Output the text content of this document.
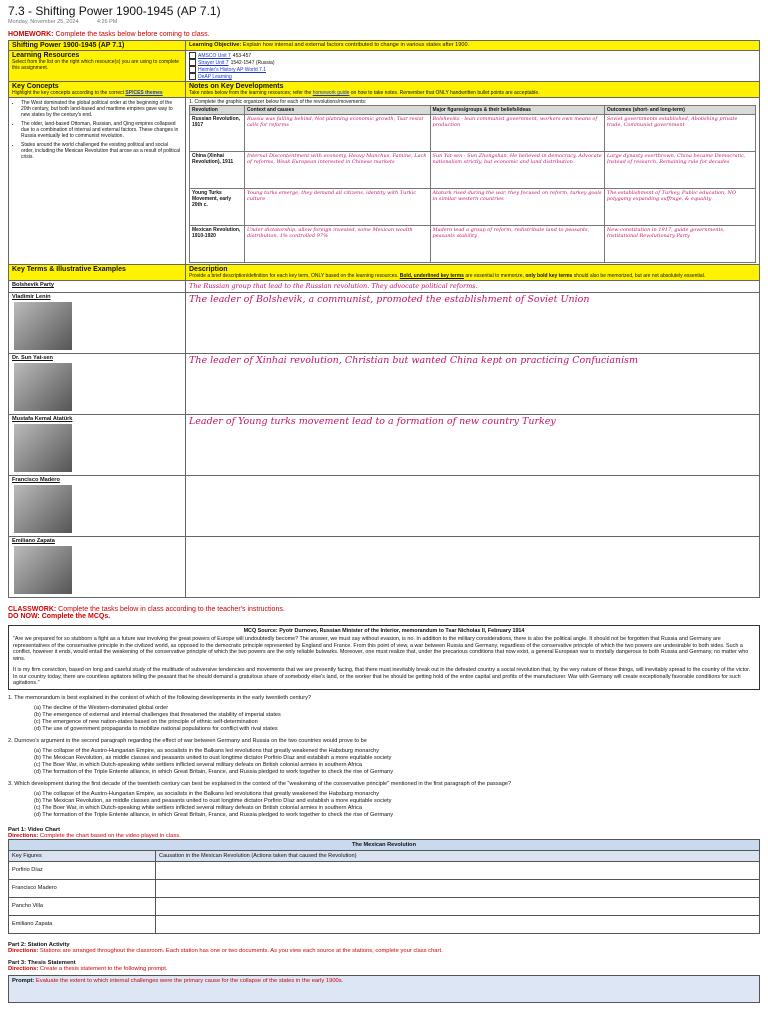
7.3 - Shifting Power 1900-1945 (AP 7.1)
Monday, November 25, 2024	4:26 PM
HOMEWORK: Complete the tasks below before coming to class.
Shifting Power 1900-1945 (AP 7.1)	Learning Objective: Explain how internal and external factors contributed to change in various states after 1900.

Learning Resources
Select from the list on the right which resource(s) you are using to complete this assignment.

AMSCO Unit 7 453-457
Strayer Unit 7 1542-1547 (Russia)
Heimler's History AP World 7.1
DeAP Learning

Key Concepts
Highlight the key concepts according to the correct SPICES themes

Notes on Key Developments
Take notes below from the learning resources; refer the homework guide on how to take notes. Remember that ONLY handwritten bullet points are acceptable.

• The West dominated the global political order at the beginning of the 20th century, but both land-based and maritime empires gave way to new states by the century's end.
• The older, land-based Ottoman, Russian, and Qing empires collapsed due to a combination of internal and external factors. These changes in Russia eventually led to communist revolution.
• States around the world challenged the existing political and social order, including the Mexican Revolution that arose as a result of political crisis.

1. Complete the graphic organizer below for each of the revolutions/movements:
Revolution	Context and causes	Major figures/groups & their beliefs/ideas	Outcomes (short- and long-term)
Russian Revolution, 1917	Russia was falling behind, Not planning economic growth, Tsar resist calls for reforms	Bolsheviks - lean communist government, workers own means of production	Soviet governments established, Abolishing private trade, Communist government
China (Xinhai Revolution), 1911	Internal Discontentment with economy, Heavy Manchus, Famine, Lack of reforms, Weak European interested in Chinese markets	Sun Yat-sen - Sun Zhongshan, He believed in democracy, Advocate nationalism strictly, but economic and land distribution	Large dynasty overthrown, China became Democratic, Instead of research, Remaining rule for decades
Young Turks Movement, early 20th c.	Young turks emerge, they demand all citizens, identity with Turkic culture	Ataturk rised during the war, they focused on reform, turkey goals in similar western countries	The establishment of Turkey, Public education, NO polygamy expanding suffrage, & equality
Mexican Revolution, 1910-1920	Under dictatorship, allow foreign invested, some Mexican wealth distribution, 1% controlled 97%	Madero lead a group of reform, redistribute land to peasants, peasants stability	New constitution in 1917, guide governments, Institutional Revolutionary Party

Key Terms & Illustrative Examples	Description
Provide a brief description/definition for each key term, ONLY based on the learning resources. Bold, underlined key terms are essential to memorize, only bold key terms should also be memorized, but are not absolutely essential.

Bolshevik Party	The Russian group that lead to the Russian revolution. They advocate political reforms.

Vladimir Lenin	The leader of Bolshevik, a communist, promoted the establishment of Soviet Union

Dr. Sun Yat-sen	The leader of Xinhai revolution, Christian but wanted China kept on practicing Confucianism

Mustafa Kemal Atatürk	Leader of Young turks movement lead to a formation of new country Turkey

Francisco Madero

Emiliano Zapata

CLASSWORK: Complete the tasks below in class according to the teacher's instructions.
DO NOW: Complete the MCQs.
MCQ Source: Pyotr Durnovo, Russian Minister of the Interior, memorandum to Tsar Nicholas II, February 1914
"Are we prepared for so stubborn a fight as a future war involving the great powers of Europe will undoubtedly become? The answer, we must say without evasion, is no. In addition to the military considerations, there is also the political angle. It should not be forgotten that Russia and Germany are representatives of the conservative principle in the civilized world, as opposed to the democratic principle represented by England and France. From this point of view, a war between Russia and Germany, regardless of the conservative principle of which the two powers are undesirable to both sides. Such a conflict, however it ends, would entail the weakening of the conservative principle of which the two powers are the only reliable bulwarks. Moreover, one must realize that, under the precarious conditions that now exist, a general European war is mortally dangerous to both Russia and Germany, no matter who wins.
It is my firm conviction, based on long and careful study of the multitude of subversive tendencies and movements that we are presently facing, that there must inevitably break out in the defeated country a social revolution that, by the very nature of these things, will inevitably spread to the country of the victor. In our country today, there are countless agitators telling the peasant that he should demand a gratuitous share of somebody else's land, or the worker that he should be getting hold of the entire capital and profits of the manufacturer. War with Germany will create exceptionally favorable conditions for such agitations."
1. The memorandum is best explained in the context of which of the following developments in the early twentieth century?
(a) The decline of the Western-dominated global order
(b) The emergence of external and internal challenges that threatened the stability of imperial states
(c) The emergence of new nation-states based on the principle of ethnic self-determination
(d) The use of government propaganda to mobilize national populations for conflict with rival states
2. Durnovo's argument in the second paragraph regarding the effect of war between Germany and Russia on the two countries would prove to be
(a) The collapse of the Austro-Hungarian Empire, as socialists in the Balkans led revolutions that greatly weakened the Habsburg monarchy
(b) The Mexican Revolution, as middle classes and peasants united to oust longtime dictator Porfirio Díaz and establish a more equitable society
(c) The Boer War, in which Dutch-speaking white settlers inflicted several military defeats on British colonial armies in southern Africa
(d) The formation of the Triple Entente alliance, in which Great Britain, France, and Russia pledged to work together to check the rise of Germany
3. Which development during the first decade of the twentieth century can best be explained in the context of the "weakening of the conservative principle" mentioned in the first paragraph of the passage?
(a) The collapse of the Austro-Hungarian Empire, as socialists in the Balkans led revolutions that greatly weakened the Habsburg monarchy
(b) The Mexican Revolution, as middle classes and peasants united to oust longtime dictator Porfirio Díaz and establish a more equitable society
(c) The Boer War, in which Dutch-speaking white settlers inflicted several military defeats on British colonial armies in southern Africa
(d) The formation of the Triple Entente alliance, in which Great Britain, France, and Russia pledged to work together to check the rise of Germany
Part 1: Video Chart
Directions: Complete the chart based on the video played in class.
The Mexican Revolution	
Key Figures	Causation in the Mexican Revolution (Actions taken that caused the Revolution)
Porfirio Díaz	
Francisco Madero	
Pancho Villa	
Emiliano Zapata	
Part 2: Station Activity
Directions: Stations are arranged throughout the classroom. Each station has one or two documents. As you view each source at the stations, complete your class chart.
Part 3: Thesis Statement
Directions: Create a thesis statement to the following prompt.
Prompt: Evaluate the extent to which internal challenges were the primary cause for the collapse of the states in the early 1900s.
